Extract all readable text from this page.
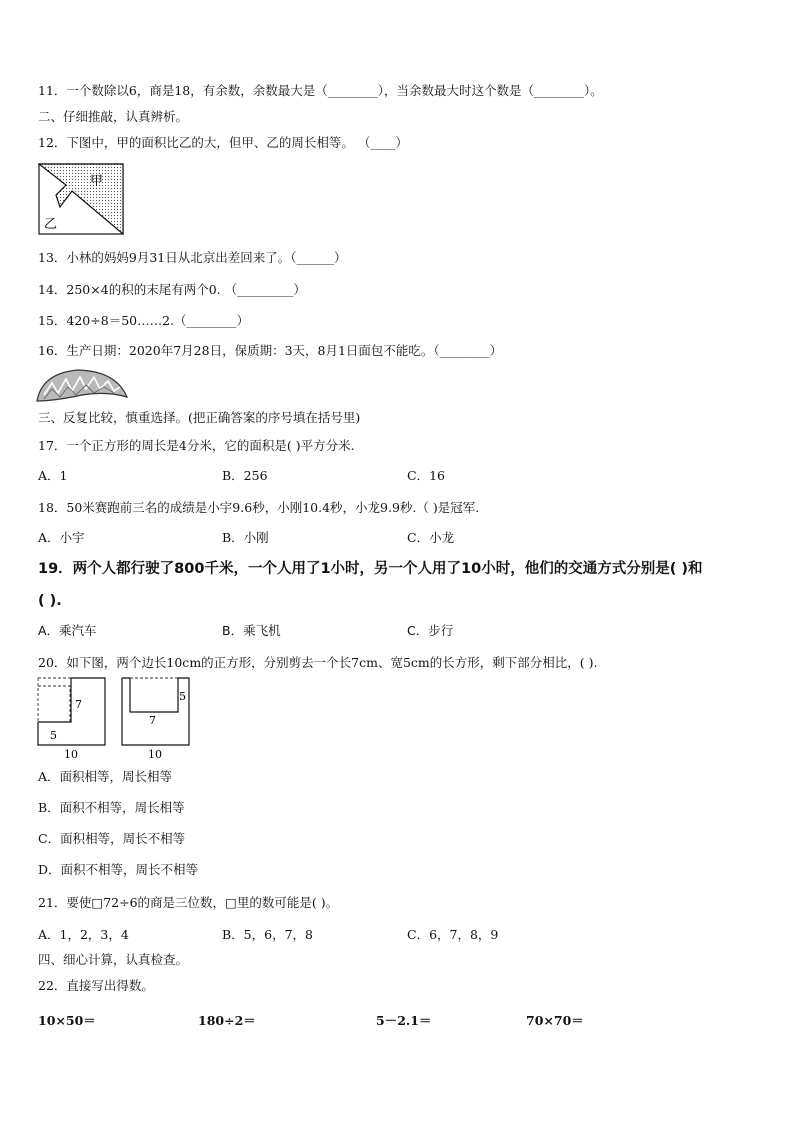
11．一个数除以6，商是18，有余数，余数最大是（________），当余数最大时这个数是（________）。
二、仔细推敲，认真辨析。
12．下图中，甲的面积比乙的大，但甲、乙的周长相等。 （____）
甲
乙
13．小林的妈妈9月31日从北京出差回来了。（______）
14．250×4的积的末尾有两个0. （_________）
15．420÷8＝50……2.（________）
16．生产日期：2020年7月28日，保质期：3天，8月1日面包不能吃。（________）
三、反复比较，慎重选择。(把正确答案的序号填在括号里)
17．一个正方形的周长是4分米，它的面积是( )平方分米.
A．1	B．256	C．16
18．50米赛跑前三名的成绩是小宇9.6秒，小刚10.4秒，小龙9.9秒.（ )是冠军.
A．小宇	B．小刚	C．小龙
19．两个人都行驶了800千米，一个人用了1小时，另一个人用了10小时，他们的交通方式分别是( )和
( ).
A．乘汽车	B．乘飞机	C．步行
20．如下图，两个边长10cm的正方形，分别剪去一个长7cm、宽5cm的长方形，剩下部分相比，( ).
7
5
10
5
7
10
A．面积相等，周长相等
B．面积不相等，周长相等
C．面积相等，周长不相等
D．面积不相等，周长不相等
21．要使□72÷6的商是三位数，□里的数可能是( )。
A．1，2，3，4	B．5，6，7，8	C．6，7，8，9
四、细心计算，认真检查。
22．直接写出得数。
10×50＝	180÷2＝	5－2.1＝	70×70＝
